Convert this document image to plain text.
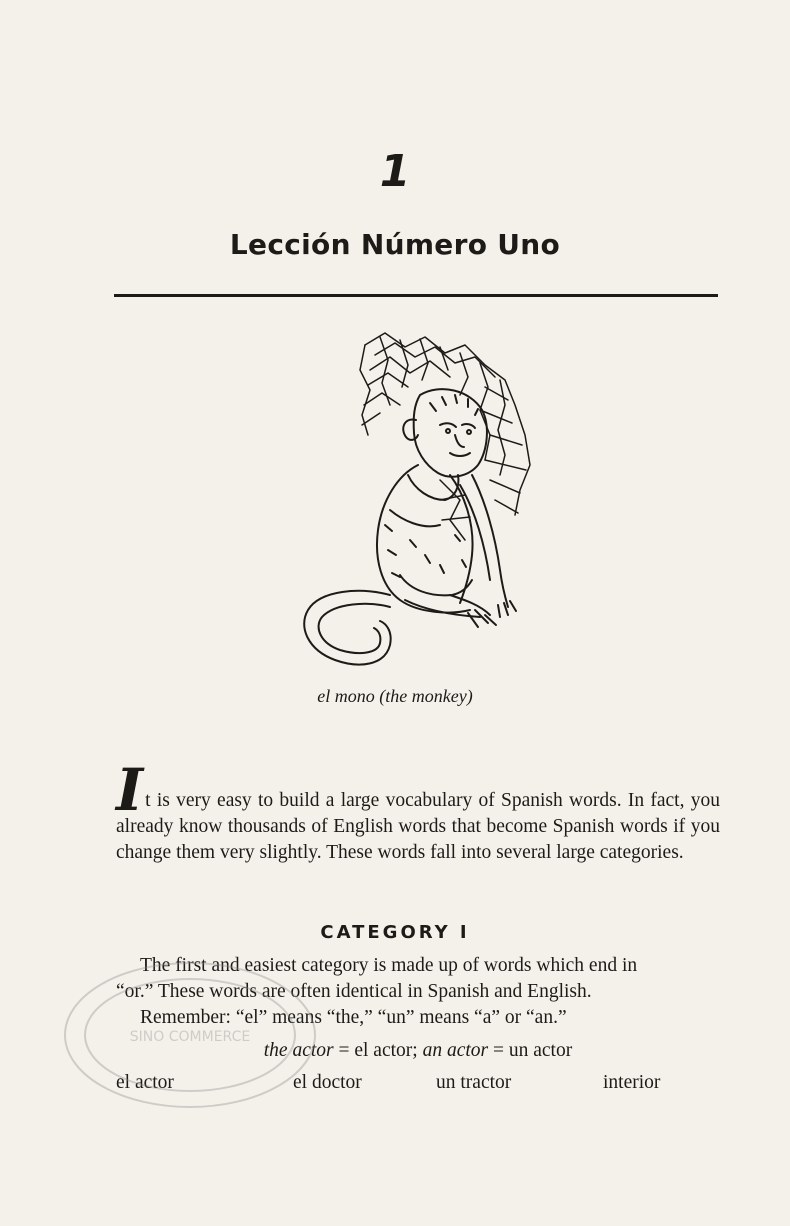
1
Lección Número Uno
el mono (the monkey)
It is very easy to build a large vocabulary of Spanish words. In fact, you already know thousands of English words that become Spanish words if you change them very slightly. These words fall into several large categories.
CATEGORY I
The first and easiest category is made up of words which end in
“or.” These words are often identical in Spanish and English.
Remember: “el” means “the,” “un” means “a” or “an.”
the actor = el actor; an actor = un actor
el actor	el doctor	un tractor	interior
SINO COMMERCE
